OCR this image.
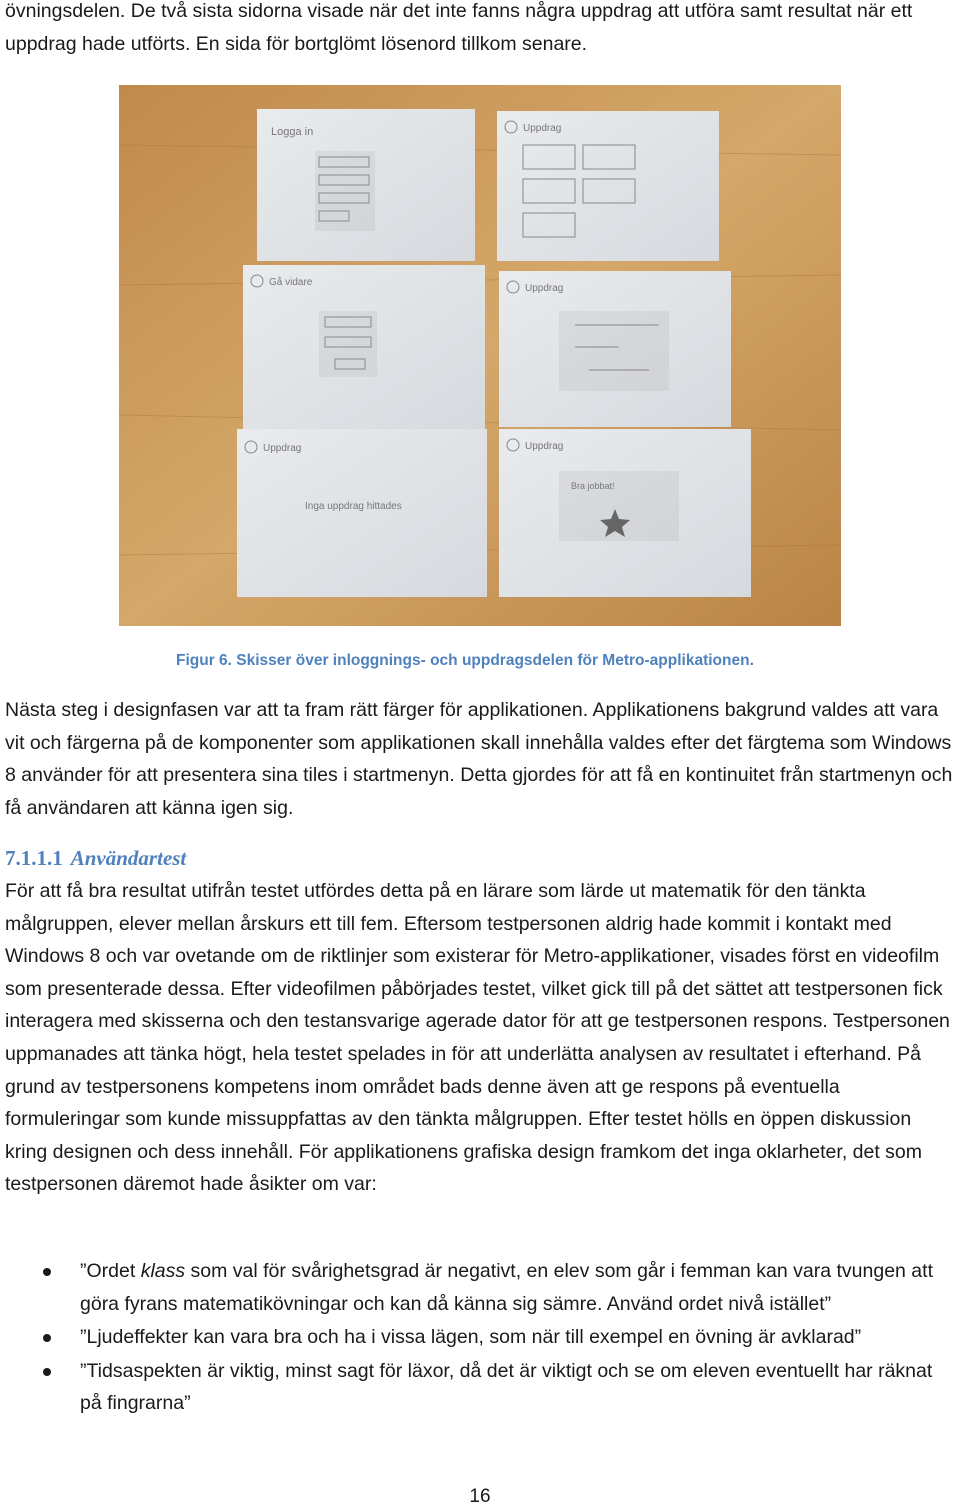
övningsdelen. De två sista sidorna visade när det inte fanns några uppdrag att utföra samt resultat när ett uppdrag hade utförts. En sida för bortglömt lösenord tillkom senare.
Logga in	Uppdrag
Gå vidare
Uppdrag
Uppdrag
Inga uppdrag hittades
Uppdrag
Bra jobbat!
Figur 6. Skisser över inloggnings- och uppdragsdelen för Metro-applikationen.
Nästa steg i designfasen var att ta fram rätt färger för applikationen. Applikationens bakgrund valdes att vara vit och färgerna på de komponenter som applikationen skall innehålla valdes efter det färgtema som Windows 8 använder för att presentera sina tiles i startmenyn. Detta gjordes för att få en kontinuitet från startmenyn och få användaren att känna igen sig.
7.1.1.1 Användartest
För att få bra resultat utifrån testet utfördes detta på en lärare som lärde ut matematik för den tänkta målgruppen, elever mellan årskurs ett till fem. Eftersom testpersonen aldrig hade kommit i kontakt med Windows 8 och var ovetande om de riktlinjer som existerar för Metro-applikationer, visades först en videofilm som presenterade dessa. Efter videofilmen påbörjades testet, vilket gick till på det sättet att testpersonen fick interagera med skisserna och den testansvarige agerade dator för att ge testpersonen respons. Testpersonen uppmanades att tänka högt, hela testet spelades in för att underlätta analysen av resultatet i efterhand. På grund av testpersonens kompetens inom området bads denne även att ge respons på eventuella formuleringar som kunde missuppfattas av den tänkta målgruppen. Efter testet hölls en öppen diskussion kring designen och dess innehåll. För applikationens grafiska design framkom det inga oklarheter, det som testpersonen däremot hade åsikter om var:
”Ordet klass som val för svårighetsgrad är negativt, en elev som går i femman kan vara tvungen att göra fyrans matematikövningar och kan då känna sig sämre. Använd ordet nivå istället”
”Ljudeffekter kan vara bra och ha i vissa lägen, som när till exempel en övning är avklarad”
”Tidsaspekten är viktig, minst sagt för läxor, då det är viktigt och se om eleven eventuellt har räknat på fingrarna”
16
